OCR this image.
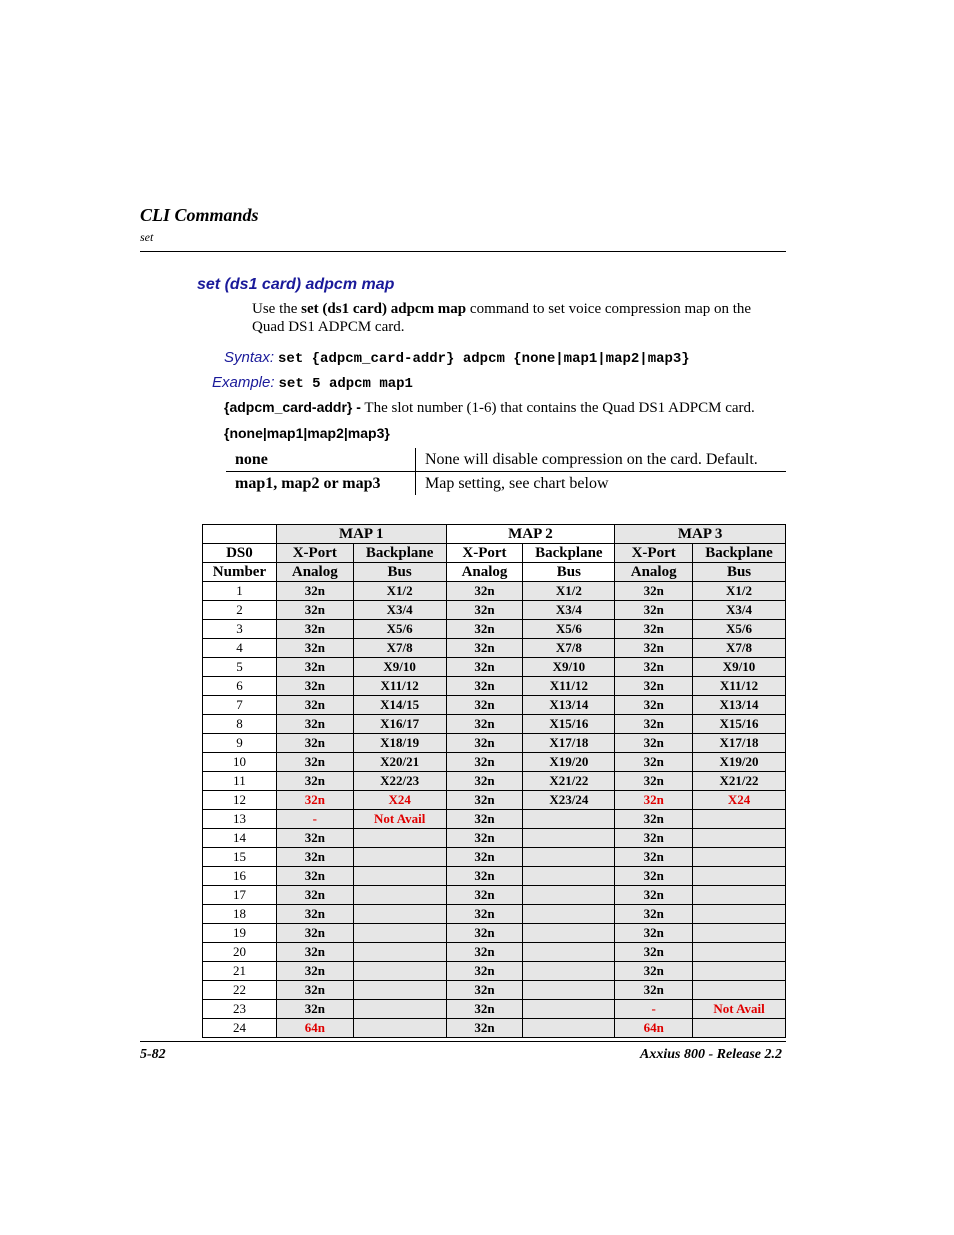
CLI Commands
set
set (ds1 card) adpcm map
Use the set (ds1 card) adpcm map command to set voice compression map on the Quad DS1 ADPCM card.
Syntax: set {adpcm_card-addr} adpcm {none|map1|map2|map3}
Example: set 5 adpcm map1
{adpcm_card-addr} - The slot number (1-6) that contains the Quad DS1 ADPCM card.
{none|map1|map2|map3}
none	None will disable compression on the card. Default.
map1, map2 or map3	Map setting, see chart below
	MAP 1		MAP 2		MAP 3	
DS0	X-Port	Backplane	X-Port	Backplane	X-Port	Backplane
Number	Analog	Bus	Analog	Bus	Analog	Bus
1	32n	X1/2	32n	X1/2	32n	X1/2
2	32n	X3/4	32n	X3/4	32n	X3/4
3	32n	X5/6	32n	X5/6	32n	X5/6
4	32n	X7/8	32n	X7/8	32n	X7/8
5	32n	X9/10	32n	X9/10	32n	X9/10
6	32n	X11/12	32n	X11/12	32n	X11/12
7	32n	X14/15	32n	X13/14	32n	X13/14
8	32n	X16/17	32n	X15/16	32n	X15/16
9	32n	X18/19	32n	X17/18	32n	X17/18
10	32n	X20/21	32n	X19/20	32n	X19/20
11	32n	X22/23	32n	X21/22	32n	X21/22
12	32n	X24	32n	X23/24	32n	X24
13	-	Not Avail	32n		32n	
14	32n		32n		32n	
15	32n		32n		32n	
16	32n		32n		32n	
17	32n		32n		32n	
18	32n		32n		32n	
19	32n		32n		32n	
20	32n		32n		32n	
21	32n		32n		32n	
22	32n		32n		32n	
23	32n		32n		-	Not Avail
24	64n		32n		64n	
5-82	Axxius 800 - Release 2.2
